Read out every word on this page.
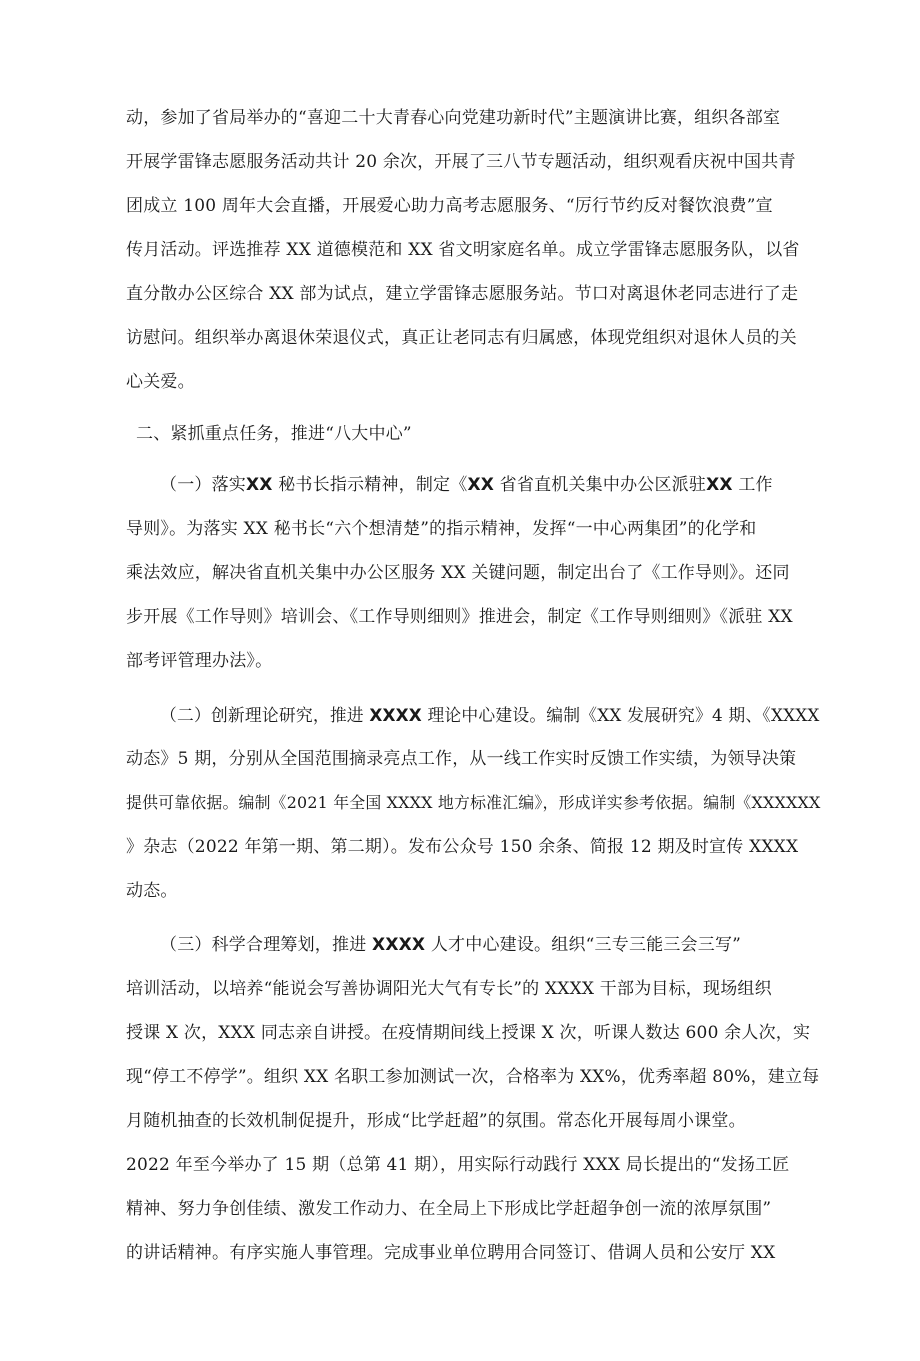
动，参加了省局举办的“喜迎二十大青春心向党建功新时代”主题演讲比赛，组织各部室
开展学雷锋志愿服务活动共计 20 余次，开展了三八节专题活动，组织观看庆祝中国共青
团成立 100 周年大会直播，开展爱心助力高考志愿服务、“厉行节约反对餐饮浪费”宣
传月活动。评选推荐 XX 道德模范和 XX 省文明家庭名单。成立学雷锋志愿服务队，以省
直分散办公区综合 XX 部为试点，建立学雷锋志愿服务站。节口对离退休老同志进行了走
访慰问。组织举办离退休荣退仪式，真正让老同志有归属感，体现党组织对退休人员的关
心关爱。
二、紧抓重点任务，推进“八大中心”
（一）落实XX 秘书长指示精神，制定《XX 省省直机关集中办公区派驻XX 工作
导则》。为落实 XX 秘书长“六个想清楚”的指示精神，发挥“一中心两集团”的化学和
乘法效应，解决省直机关集中办公区服务 XX 关键问题，制定出台了《工作导则》。还同
步开展《工作导则》培训会、《工作导则细则》推进会，制定《工作导则细则》《派驻 XX
部考评管理办法》。
（二）创新理论研究，推进 XXXX 理论中心建设。编制《XX 发展研究》4 期、《XXXX
动态》5 期，分别从全国范围摘录亮点工作，从一线工作实时反馈工作实绩，为领导决策
提供可靠依据。编制《2021 年全国 XXXX 地方标准汇编》，形成详实参考依据。编制《XXXXXX
》杂志（2022 年第一期、第二期）。发布公众号 150 余条、简报 12 期及时宣传 XXXX
动态。
（三）科学合理筹划，推进 XXXX 人才中心建设。组织“三专三能三会三写”
培训活动，以培养“能说会写善协调阳光大气有专长”的 XXXX 干部为目标，现场组织
授课 X 次，XXX 同志亲自讲授。在疫情期间线上授课 X 次，听课人数达 600 余人次，实
现“停工不停学”。组织 XX 名职工参加测试一次，合格率为 XX%，优秀率超 80%，建立每
月随机抽查的长效机制促提升，形成“比学赶超”的氛围。常态化开展每周小课堂。
2022 年至今举办了 15 期（总第 41 期），用实际行动践行 XXX 局长提出的“发扬工匠
精神、努力争创佳绩、激发工作动力、在全局上下形成比学赶超争创一流的浓厚氛围”
的讲话精神。有序实施人事管理。完成事业单位聘用合同签订、借调人员和公安厅 XX
